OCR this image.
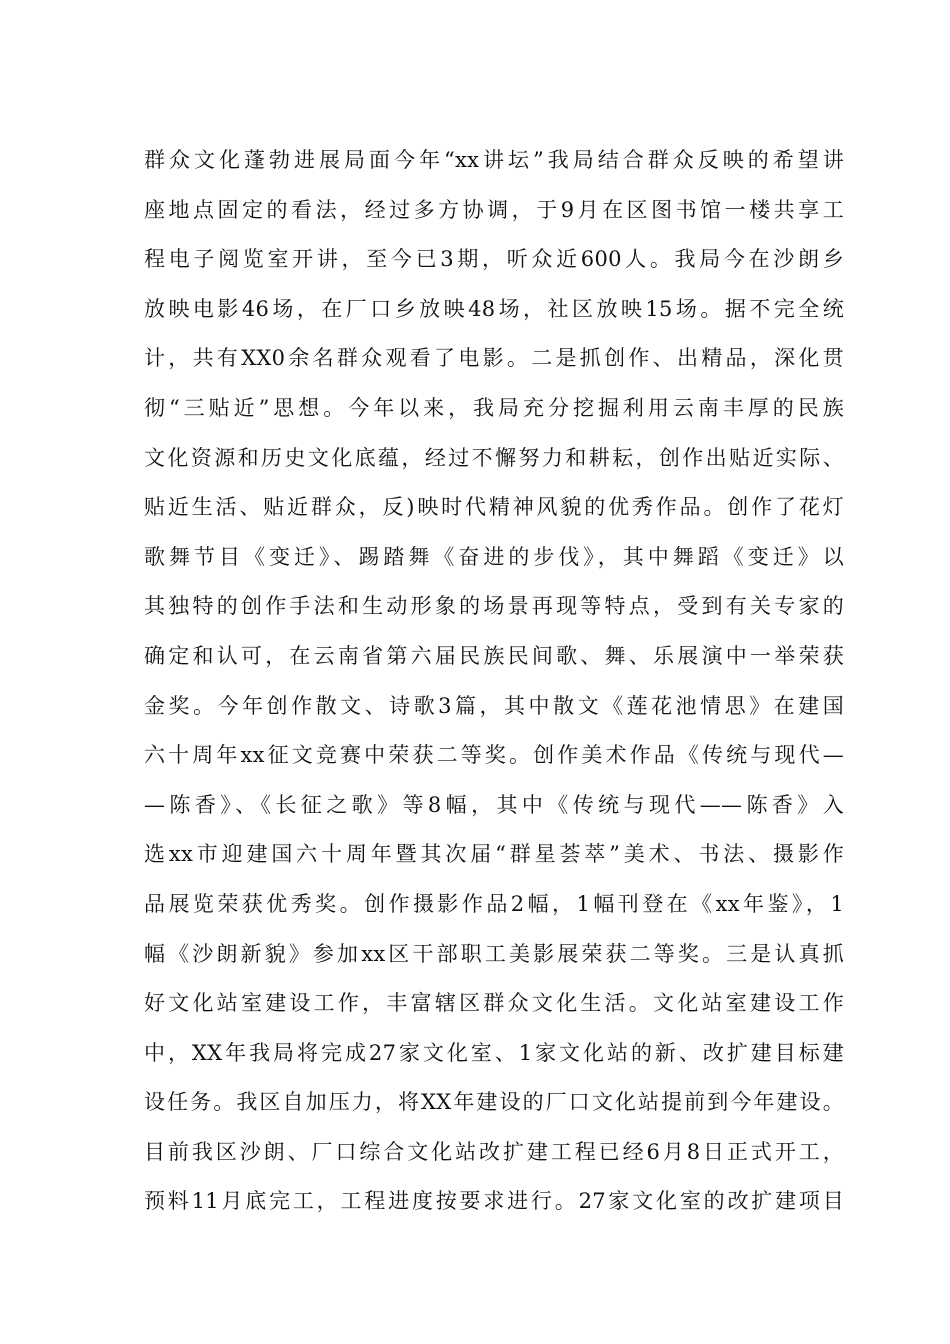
群众文化蓬勃进展局面今年“xx讲坛”我局结合群众反映的希望讲
座地点固定的看法，经过多方协调，于9月在区图书馆一楼共享工
程电子阅览室开讲，至今已3期，听众近600人。我局今在沙朗乡
放映电影46场，在厂口乡放映48场，社区放映15场。据不完全统
计，共有XX0余名群众观看了电影。二是抓创作、出精品，深化贯
彻“三贴近”思想。今年以来，我局充分挖掘利用云南丰厚的民族
文化资源和历史文化底蕴，经过不懈努力和耕耘，创作出贴近实际、
贴近生活、贴近群众，反)映时代精神风貌的优秀作品。创作了花灯
歌舞节目《变迁》、踢踏舞《奋进的步伐》，其中舞蹈《变迁》以
其独特的创作手法和生动形象的场景再现等特点，受到有关专家的
确定和认可，在云南省第六届民族民间歌、舞、乐展演中一举荣获
金奖。今年创作散文、诗歌3篇，其中散文《莲花池情思》在建国
六十周年xx征文竞赛中荣获二等奖。创作美术作品《传统与现代—
—陈香》、《长征之歌》等8幅，其中《传统与现代——陈香》入
选xx市迎建国六十周年暨其次届“群星荟萃”美术、书法、摄影作
品展览荣获优秀奖。创作摄影作品2幅，1幅刊登在《xx年鉴》，1
幅《沙朗新貌》参加xx区干部职工美影展荣获二等奖。三是认真抓
好文化站室建设工作，丰富辖区群众文化生活。文化站室建设工作
中，XX年我局将完成27家文化室、1家文化站的新、改扩建目标建
设任务。我区自加压力，将XX年建设的厂口文化站提前到今年建设。
目前我区沙朗、厂口综合文化站改扩建工程已经6月8日正式开工，
预料11月底完工，工程进度按要求进行。27家文化室的改扩建项目
